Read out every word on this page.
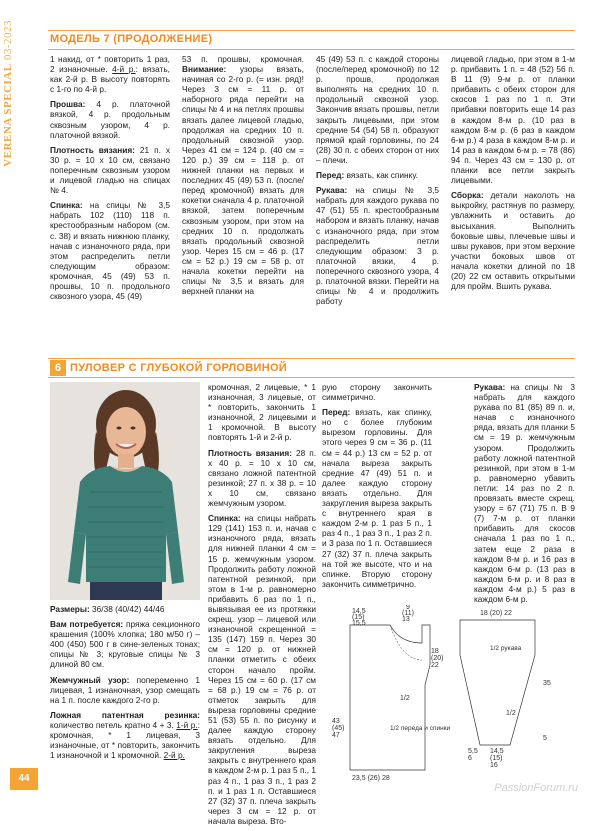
VERENA SPECIAL 03-2023	МОДЕЛЬ 7 (ПРОДОЛЖЕНИЕ)

1 накид, от * повторить 1 раз, 2 изнаночные. 4-й р.: вязать, как 2-й р. В высоту повторять с 1-го по 4-й р.

Прошва: 4 р. платочной вязкой, 4 р. продольным сквозным узором, 4 р. платочной вязкой.

Плотность вязания: 21 п. х 30 р. = 10 х 10 см, связано поперечным сквозным узором и лицевой гладью на спицах № 4.

Спинка: на спицы № 3,5 набрать 102 (110) 118 п. крестообразным набором (см. с. 38) и вязать нижнюю планку, начав с изнаночного ряда, при этом распределить петли следующим образом: кромочная, 45 (49) 53 п. прошвы, 10 п. продольного сквозного узора, 45 (49)

53 п. прошвы, кромочная. Внимание: узоры вязать, начиная со 2-го р. (= изн. ряд)! Через 3 см = 11 р. от наборного ряда перейти на спицы № 4 и на петлях прошвы вязать далее лицевой гладью, продолжая на средних 10 п. продольный сквозной узор. Через 41 см = 124 р. (40 см = 120 р.) 39 см = 118 р. от нижней планки на первых и последних 45 (49) 53 п. (после/перед кромочной) вязать для кокетки сначала 4 р. платочной вязкой, затем поперечным сквозным узором, при этом на средних 10 п. продолжать вязать продольный сквозной узор. Через 15 см = 46 р. (17 см = 52 р.) 19 см = 58 р. от начала кокетки перейти на спицы № 3,5 и вязать для верхней планки на

45 (49) 53 п. с каждой стороны (после/перед кромочной) по 12 р. прошв, продолжая выполнять на средних 10 п. продольный сквозной узор. Закончив вязать прошвы, петли закрыть лицевыми, при этом средние 54 (54) 58 п. образуют прямой край горловины, по 24 (28) 30 п. с обеих сторон от них – плечи.

Перед: вязать, как спинку.

Рукава: на спицы № 3,5 набрать для каждого рукава по 47 (51) 55 п. крестообразным набором и вязать планку, начав с изнаночного ряда, при этом распределить петли следующим образом: 3 р. платочной вязки, 4 р. поперечного сквозного узора, 4 р. платочной вязки. Перейти на спицы № 4 и продолжить работу

лицевой гладью, при этом в 1-м р. прибавить 1 п. = 48 (52) 56 п. В 11 (9) 9-м р. от планки прибавить с обеих сторон для скосов 1 раз по 1 п. Эти прибавки повторить еще 14 раз в каждом 8-м р. (10 раз в каждом 8-м р. (6 раз в каждом 6-м р.) 4 раза в каждом 8-м р. и 14 раз в каждом 6-м р. = 78 (86) 94 п. Через 43 см = 130 р. от планки все петли закрыть лицевыми.

Сборка: детали наколоть на выкройку, растянув по размеру, увлажнить и оставить до высыхания. Выполнить боковые швы, плечевые швы и швы рукавов, при этом верхние участки боковых швов от начала кокетки длиной по 18 (20) 22 см оставить открытыми для пройм. Вшить рукава.

6 ПУЛОВЕР С ГЛУБОКОЙ ГОРЛОВИНОЙ

Размеры: 36/38 (40/42) 44/46

Вам потребуется: пряжа секционного крашения (100% хлопка; 180 м/50 г) – 400 (450) 500 г в сине-зеленых тонах; спицы № 3; круговые спицы № 3 длиной 80 см.

Жемчужный узор: попеременно 1 лицевая, 1 изнаночная, узор смещать на 1 п. после каждого 2-го р.

Ложная патентная резинка: количество петель кратно 4 + 3. 1-й р.: кромочная, * 1 лицевая, 3 изнаночные, от * повторить, закончить 1 изнаночной и 1 кромочной. 2-й р.

кромочная, 2 лицевые, * 1 изнаночная, 3 лицевые, от * повторить, закончить 1 изнаночной, 2 лицевыми и 1 кромочной. В высоту повторять 1-й и 2-й р.

Плотность вязания: 28 п. х 40 р. = 10 х 10 см, связано ложной патентной резинкой; 27 п. х 38 р. = 10 х 10 см, связано жемчужным узором.

Спинка: на спицы набрать 129 (141) 153 п. и, начав с изнаночного ряда, вязать для нижней планки 4 см = 15 р. жемчужным узором. Продолжить работу ложной патентной резинкой, при этом в 1-м р. равномерно прибавить 6 раз по 1 п., вывязывая ее из протяжки скрещ. узор – лицевой или изнаночной скрещенной = 135 (147) 159 п. Через 30 см = 120 р. от нижней планки отметить с обеих сторон начало пройм. Через 15 см = 60 р. (17 см = 68 р.) 19 см = 76 р. от отметок закрыть для выреза горловины средние 51 (53) 55 п. по рисунку и далее каждую сторону вязать отдельно. Для закругления выреза закрыть с внутреннего края в каждом 2-м р. 1 раз 5 п., 1 раз 4 п., 1 раз 3 п., 1 раз 2 п. и 1 раз 1 п. Оставшиеся 27 (32) 37 п. плеча закрыть через 3 см = 12 р. от начала выреза. Вто-

рую сторону закончить симметрично.

Перед: вязать, как спинку, но с более глубоким вырезом горловины. Для этого через 9 см = 36 р. (11 см = 44 р.) 13 см = 52 р. от начала выреза закрыть средние 47 (49) 51 п. и далее каждую сторону вязать отдельно. Для закругления выреза закрыть с внутреннего края в каждом 2-м р. 1 раз 5 п., 1 раз 4 п., 1 раз 3 п., 1 раз 2 п. и 3 раза по 1 п. Оставшиеся 27 (32) 37 п. плеча закрыть на той же высоте, что и на спинке. Вторую сторону закончить симметрично.

Рукава: на спицы № 3 набрать для каждого рукава по 81 (85) 89 п. и, начав с изнаночного ряда, вязать для планки 5 см = 19 р. жемчужным узором. Продолжить работу ложной патентной резинкой, при этом в 1-м р. равномерно убавить петли: 14 раз по 2 п. провязать вместе скрещ. узору = 67 (71) 75 п. В 9 (7) 7-м р. от планки прибавить для скосов сначала 1 раз по 1 п., затем еще 2 раза в каждом 8-м р. и 16 раз в каждом 6-м р. (13 раз в каждом 6-м р. и 8 раз в каждом 4-м р.) 5 раз в каждом 6-м р.

14,5
(15)
15,5
9
(11)
13
18
(20)
22
43
(45)
47
1/2 переда и спинки
23,5 (26) 28
1/2
18 (20) 22
1/2 рукава
35
5
5,5
6
14,5
(15)
16
1/2
44
PassionForum.ru
